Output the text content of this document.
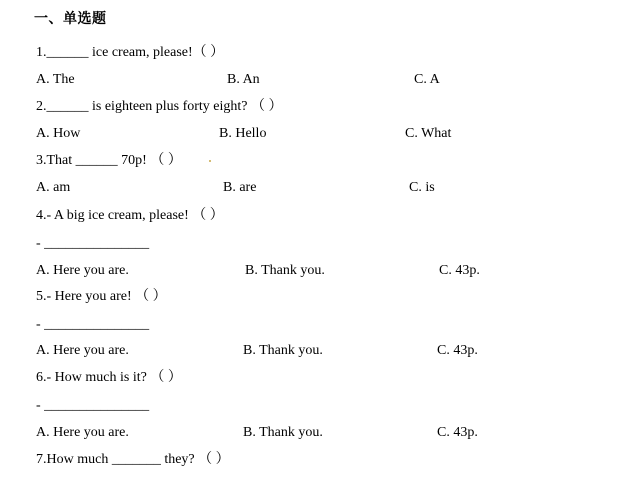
一、单选题
1.______ ice cream, please!（ ）
A. The	B. An	C. A
2.______ is eighteen plus forty eight? （ ）
A. How	B. Hello	C. What
3.That ______ 70p! （ ）
A. am	B. are	C. is
4.- A big ice cream, please! （ ）
- _______________
A. Here you are.	B. Thank you.	C. 43p.
5.- Here you are! （ ）
- _______________
A. Here you are.	B. Thank you.	C. 43p.
6.- How much is it? （ ）
- _______________
A. Here you are.	B. Thank you.	C. 43p.
7.How much _______ they? （ ）
